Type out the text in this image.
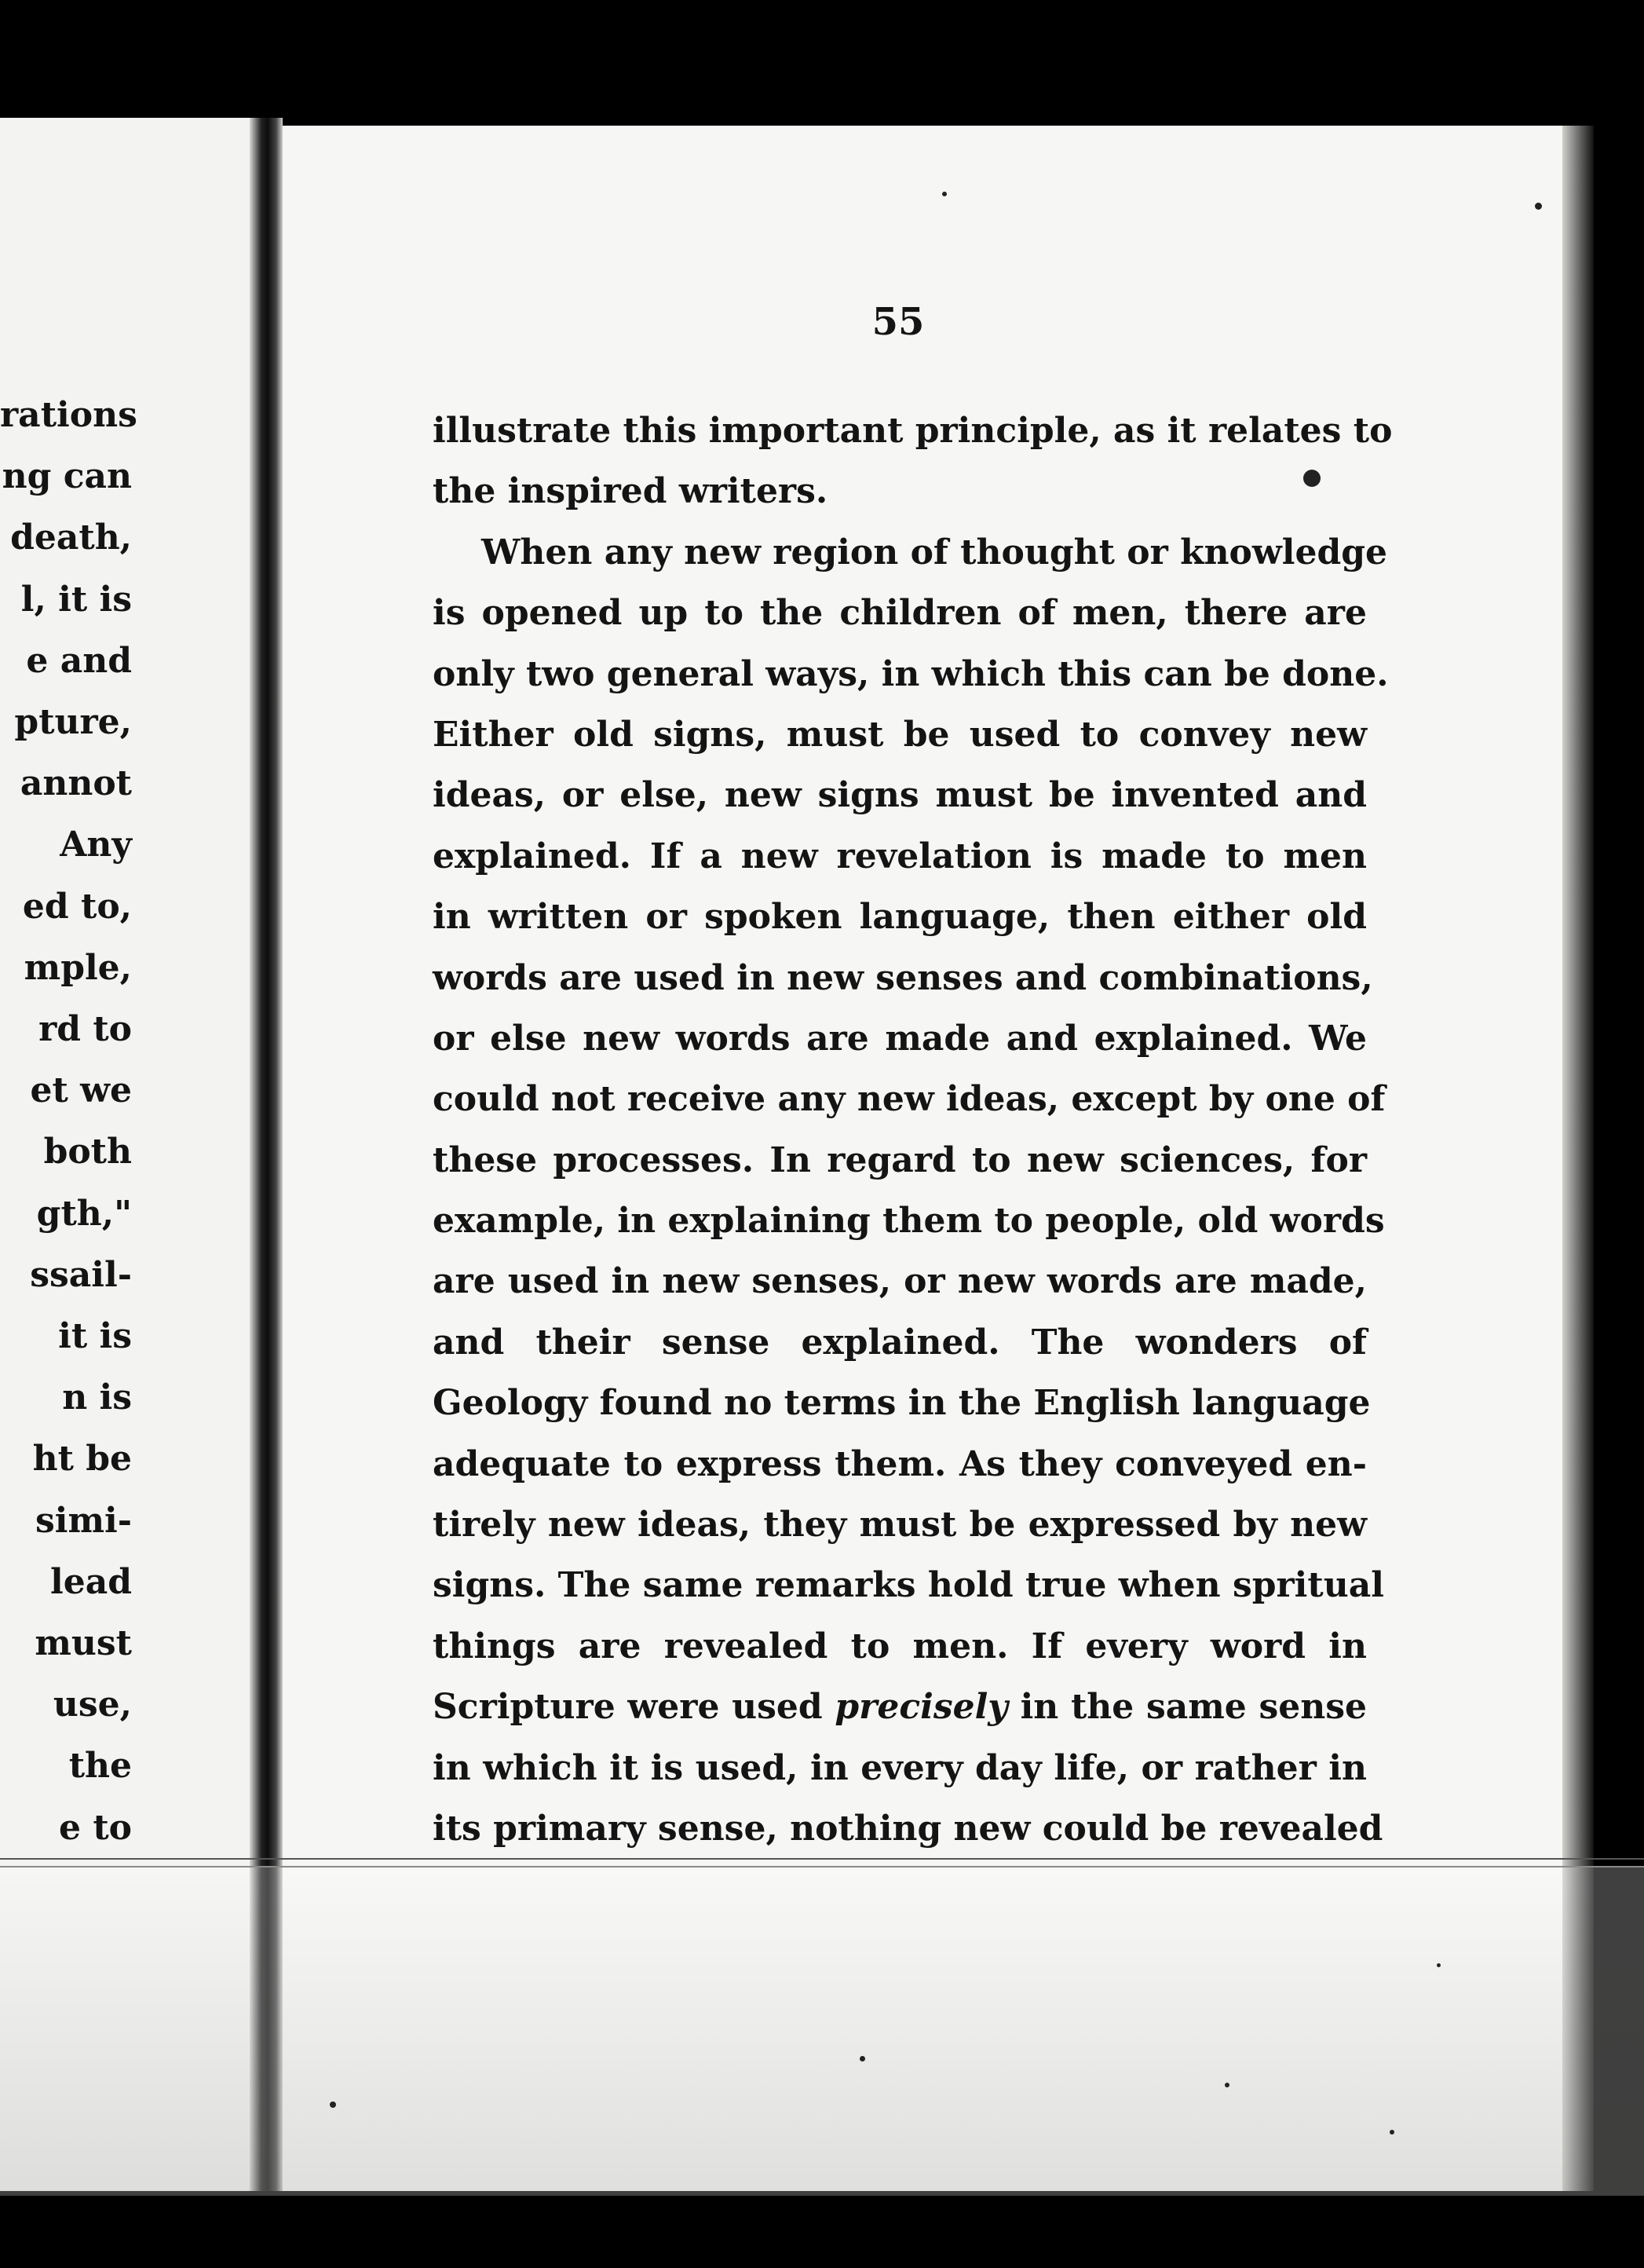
rations
ng can
death,
l, it is
e and
pture,
annot
Any
ed to,
mple,
rd to
et we
both
gth,"
ssail-
it is
n is
ht be
simi-
lead
must
use,
the
e to
55
illustrate this important principle, as it relates to
the inspired writers.
When any new region of thought or knowledge
is opened up to the children of men, there are
only two general ways, in which this can be done.
Either old signs, must be used to convey new
ideas, or else, new signs must be invented and
explained. If a new revelation is made to men
in written or spoken language, then either old
words are used in new senses and combinations,
or else new words are made and explained. We
could not receive any new ideas, except by one of
these processes. In regard to new sciences, for
example, in explaining them to people, old words
are used in new senses, or new words are made,
and their sense explained. The wonders of
Geology found no terms in the English language
adequate to express them. As they conveyed en-
tirely new ideas, they must be expressed by new
signs. The same remarks hold true when spritual
things are revealed to men. If every word in
Scripture were used precisely in the same sense
in which it is used, in every day life, or rather in
its primary sense, nothing new could be revealed
